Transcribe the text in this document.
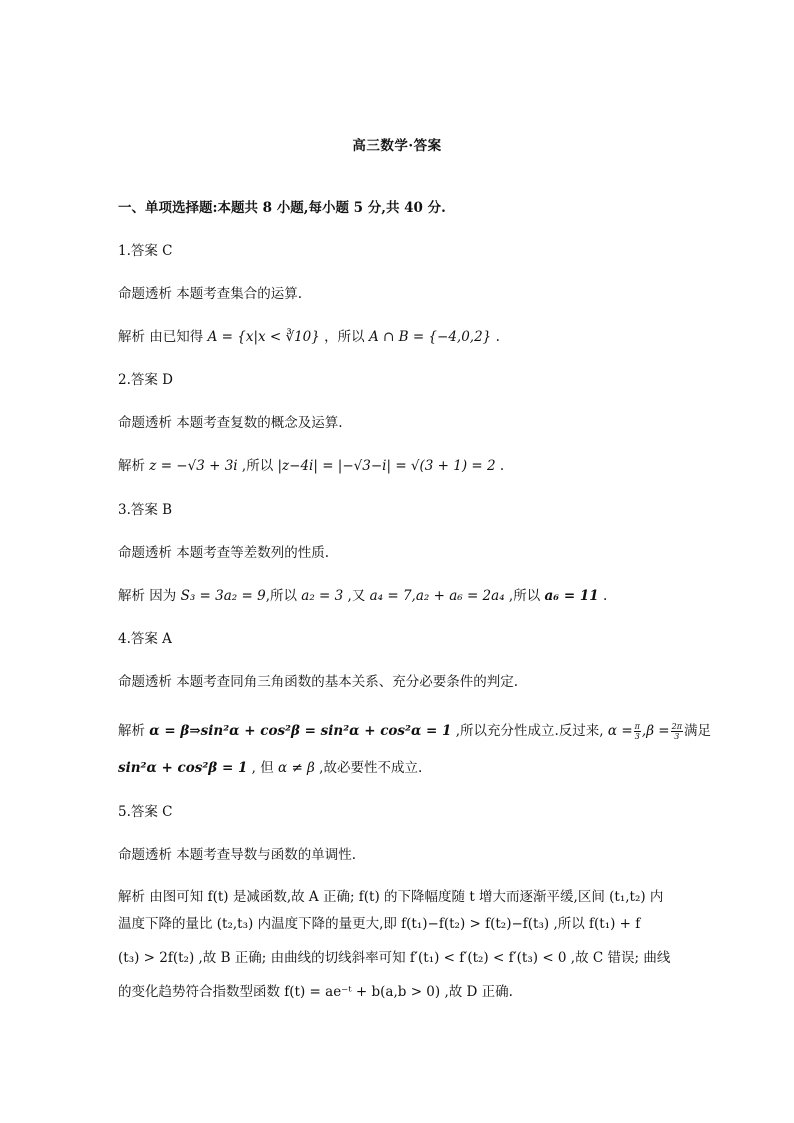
高三数学·答案
一、单项选择题:本题共 8 小题,每小题 5 分,共 40 分.
1.答案 C
命题透析 本题考查集合的运算.
解析 由已知得 A = {x|x < ∛10} ，所以 A ∩ B = {−4,0,2} .
2.答案 D
命题透析 本题考查复数的概念及运算.
解析 z = −√3 + 3i ,所以 |z−4i| = |−√3−i| = √(3 + 1) = 2 .
3.答案 B
命题透析 本题考查等差数列的性质.
解析 因为 S₃ = 3a₂ = 9,所以 a₂ = 3 ,又 a₄ = 7,a₂ + a₆ = 2a₄ ,所以 a₆ = 11 .
4.答案 A
命题透析 本题考查同角三角函数的基本关系、充分必要条件的判定.
解析 α = β⇒sin²α + cos²β = sin²α + cos²α = 1 ,所以充分性成立.反过来, $\alpha = \frac{\pi}{3} ,\beta = \frac{2\pi}{3}$ 满足
sin²α + cos²β = 1 , 但 α ≠ β ,故必要性不成立.
5.答案 C
命题透析 本题考查导数与函数的单调性.
解析 由图可知 f(t) 是减函数,故 A 正确; f(t) 的下降幅度随 t 增大而逐渐平缓,区间 (t₁,t₂) 内
温度下降的量比 (t₂,t₃) 内温度下降的量更大,即 f(t₁)−f(t₂) > f(t₂)−f(t₃) ,所以 f(t₁) + f
(t₃) > 2f(t₂) ,故 B 正确; 由曲线的切线斜率可知 f′(t₁) < f′(t₂) < f′(t₃) < 0 ,故 C 错误; 曲线
的变化趋势符合指数型函数 f(t) = ae⁻ᵗ + b(a,b > 0) ,故 D 正确.
